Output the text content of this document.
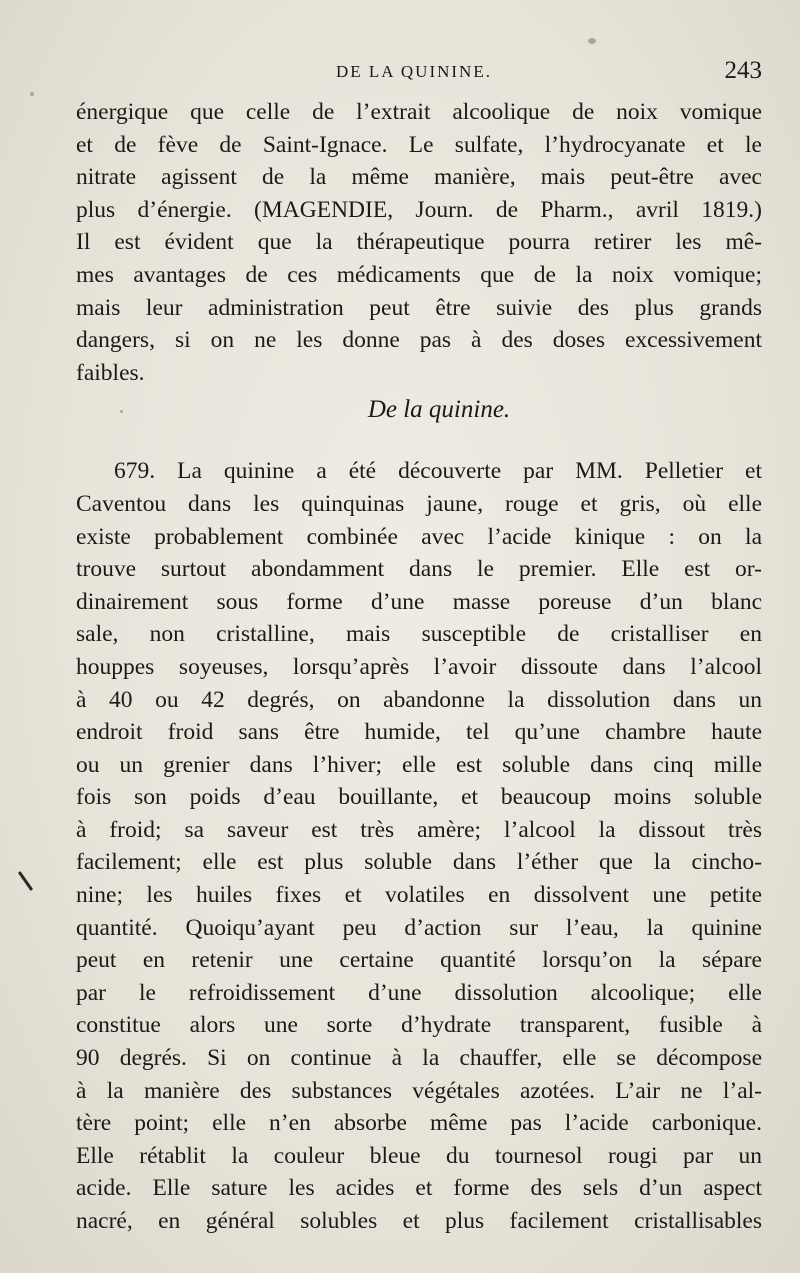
DE LA QUININE.	243
énergique que celle de l’extrait alcoolique de noix vomique
et de fève de Saint-Ignace. Le sulfate, l’hydrocyanate et le
nitrate agissent de la même manière, mais peut-être avec
plus d’énergie. (MAGENDIE, Journ. de Pharm., avril 1819.)
Il est évident que la thérapeutique pourra retirer les mê-
mes avantages de ces médicaments que de la noix vomique;
mais leur administration peut être suivie des plus grands
dangers, si on ne les donne pas à des doses excessivement
faibles.
De la quinine.
679. La quinine a été découverte par MM. Pelletier et
Caventou dans les quinquinas jaune, rouge et gris, où elle
existe probablement combinée avec l’acide kinique : on la
trouve surtout abondamment dans le premier. Elle est or-
dinairement sous forme d’une masse poreuse d’un blanc
sale, non cristalline, mais susceptible de cristalliser en
houppes soyeuses, lorsqu’après l’avoir dissoute dans l’alcool
à 40 ou 42 degrés, on abandonne la dissolution dans un
endroit froid sans être humide, tel qu’une chambre haute
ou un grenier dans l’hiver; elle est soluble dans cinq mille
fois son poids d’eau bouillante, et beaucoup moins soluble
à froid; sa saveur est très amère; l’alcool la dissout très
facilement; elle est plus soluble dans l’éther que la cincho-
nine; les huiles fixes et volatiles en dissolvent une petite
quantité. Quoiqu’ayant peu d’action sur l’eau, la quinine
peut en retenir une certaine quantité lorsqu’on la sépare
par le refroidissement d’une dissolution alcoolique; elle
constitue alors une sorte d’hydrate transparent, fusible à
90 degrés. Si on continue à la chauffer, elle se décompose
à la manière des substances végétales azotées. L’air ne l’al-
tère point; elle n’en absorbe même pas l’acide carbonique.
Elle rétablit la couleur bleue du tournesol rougi par un
acide. Elle sature les acides et forme des sels d’un aspect
nacré, en général solubles et plus facilement cristallisables
